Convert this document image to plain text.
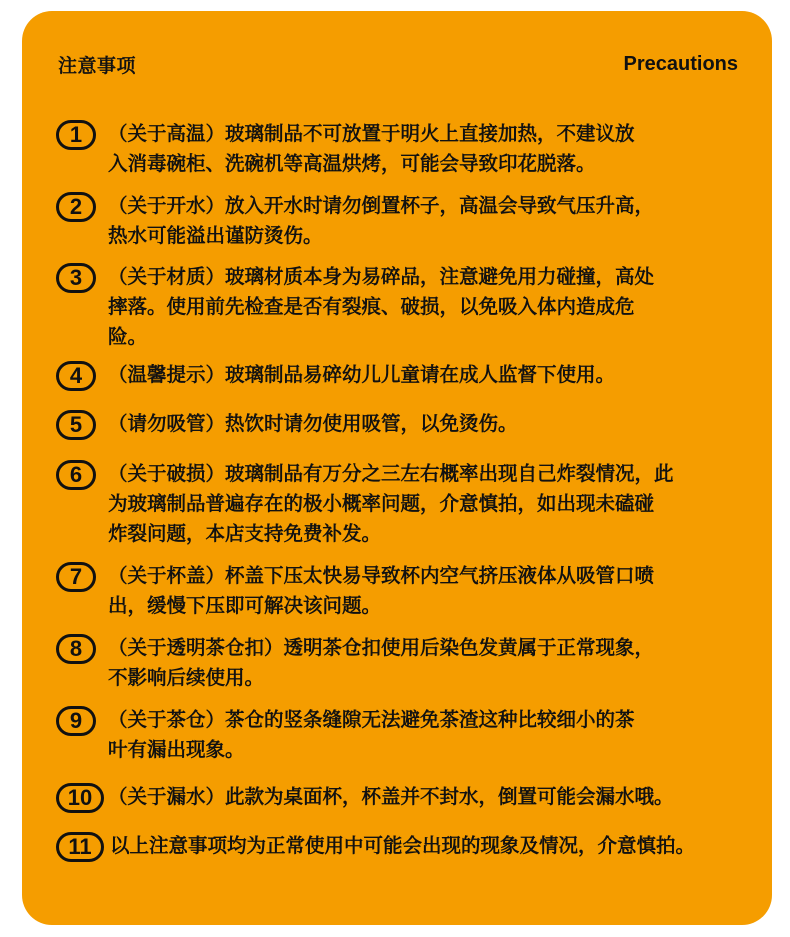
注意事项	Precautions
1	（关于高温）玻璃制品不可放置于明火上直接加热，不建议放
入消毒碗柜、洗碗机等高温烘烤，可能会导致印花脱落。
2	（关于开水）放入开水时请勿倒置杯子，高温会导致气压升高，
热水可能溢出谨防烫伤。
3	（关于材质）玻璃材质本身为易碎品，注意避免用力碰撞，高处
摔落。使用前先检查是否有裂痕、破损，以免吸入体内造成危
险。
4	（温馨提示）玻璃制品易碎幼儿儿童请在成人监督下使用。
5	（请勿吸管）热饮时请勿使用吸管，以免烫伤。
6	（关于破损）玻璃制品有万分之三左右概率出现自己炸裂情况，此
为玻璃制品普遍存在的极小概率问题，介意慎拍，如出现未磕碰
炸裂问题，本店支持免费补发。
7	（关于杯盖）杯盖下压太快易导致杯内空气挤压液体从吸管口喷
出，缓慢下压即可解决该问题。
8	（关于透明茶仓扣）透明茶仓扣使用后染色发黄属于正常现象，
不影响后续使用。
9	（关于茶仓）茶仓的竖条缝隙无法避免茶渣这种比较细小的茶
叶有漏出现象。
10 （关于漏水）此款为桌面杯，杯盖并不封水，倒置可能会漏水哦。
11 以上注意事项均为正常使用中可能会出现的现象及情况，介意慎拍。
